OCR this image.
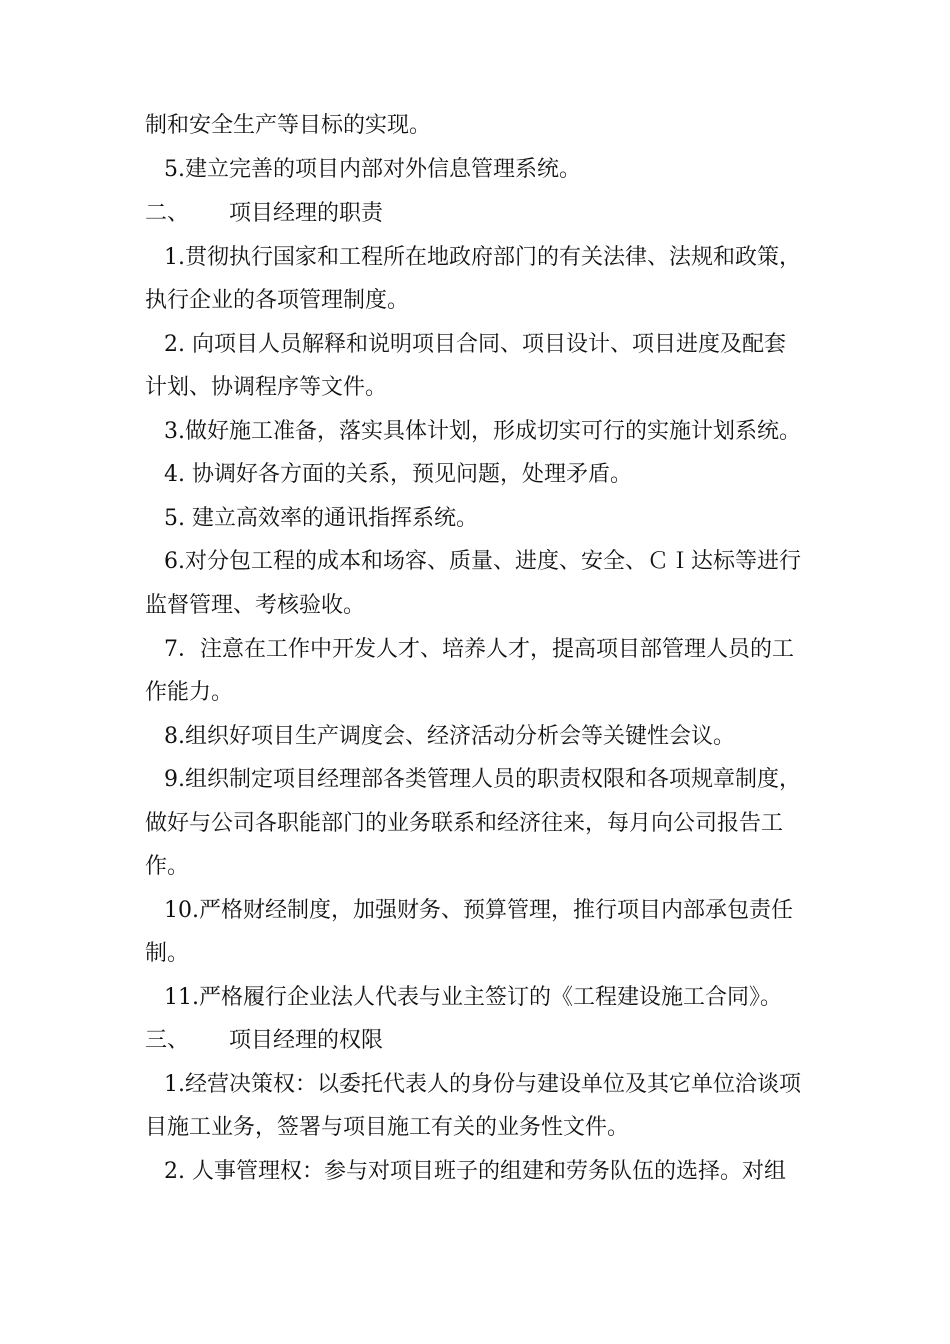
制和安全生产等目标的实现。
5.建立完善的项目内部对外信息管理系统。
二、 项目经理的职责
1.贯彻执行国家和工程所在地政府部门的有关法律、法规和政策，
执行企业的各项管理制度。
2. 向项目人员解释和说明项目合同、项目设计、项目进度及配套
计划、协调程序等文件。
3.做好施工准备，落实具体计划，形成切实可行的实施计划系统。
4. 协调好各方面的关系，预见问题，处理矛盾。
5. 建立高效率的通讯指挥系统。
6.对分包工程的成本和场容、质量、进度、安全、ＣＩ达标等进行
监督管理、考核验收。
7．注意在工作中开发人才、培养人才，提高项目部管理人员的工
作能力。
8.组织好项目生产调度会、经济活动分析会等关键性会议。
9.组织制定项目经理部各类管理人员的职责权限和各项规章制度，
做好与公司各职能部门的业务联系和经济往来，每月向公司报告工
作。
10.严格财经制度，加强财务、预算管理，推行项目内部承包责任
制。
11.严格履行企业法人代表与业主签订的《工程建设施工合同》。
三、 项目经理的权限
1.经营决策权：以委托代表人的身份与建设单位及其它单位洽谈项
目施工业务，签署与项目施工有关的业务性文件。
2. 人事管理权：参与对项目班子的组建和劳务队伍的选择。对组
